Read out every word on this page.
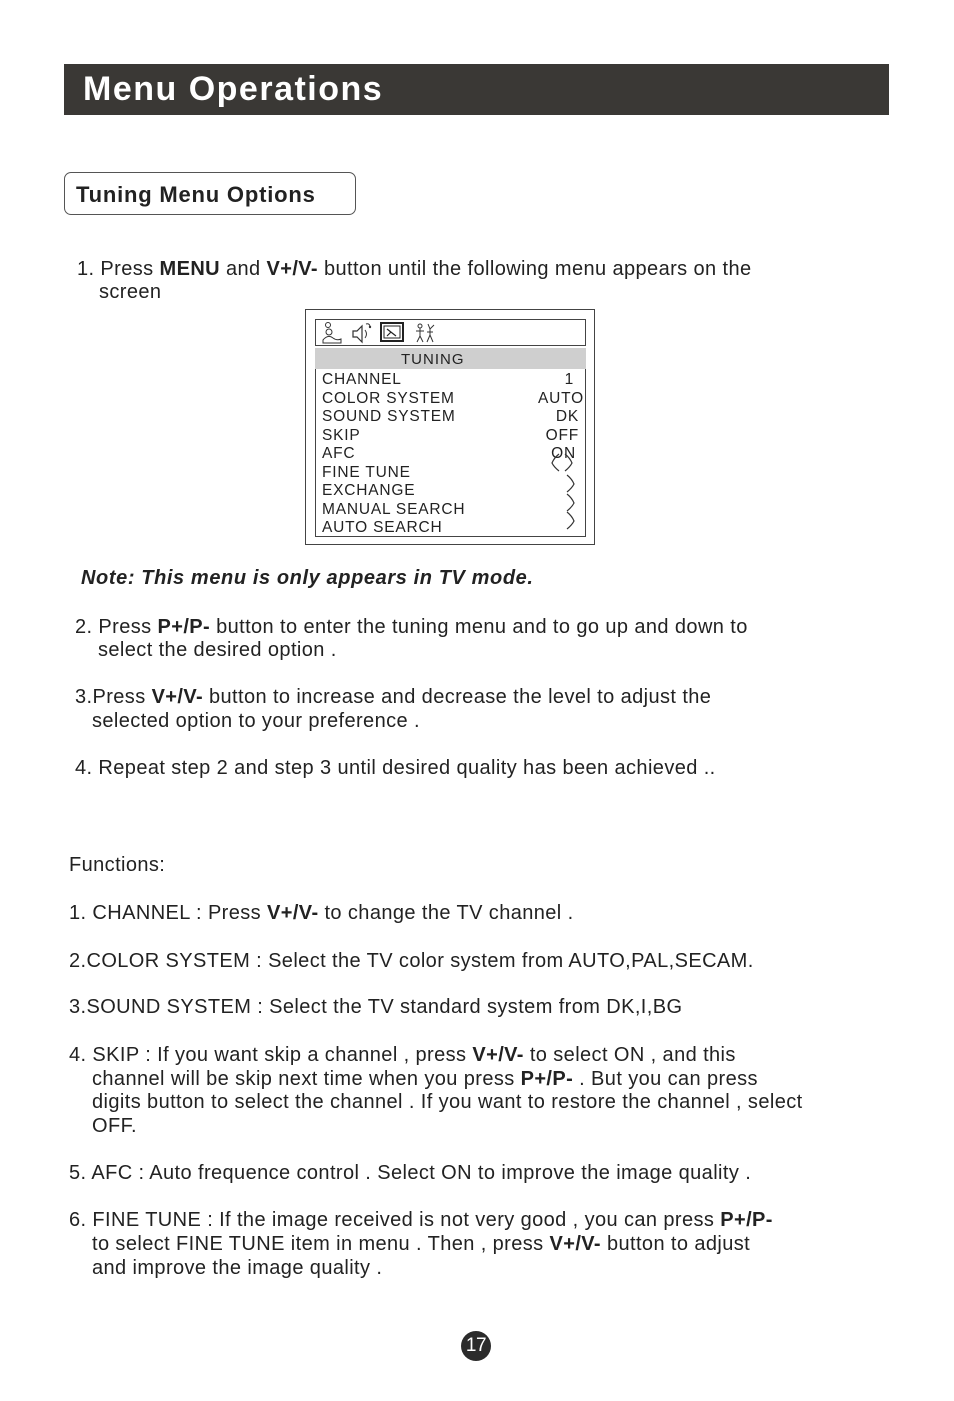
Menu Operations
Tuning Menu Options

1. Press MENU and V+/V- button until the following menu appears on the

screen

TUNING
CHANNEL	1
COLOR SYSTEM	AUTO
SOUND SYSTEM	DK
SKIP	OFF
AFC	ON
FINE TUNE
EXCHANGE
MANUAL SEARCH
AUTO SEARCH
Note: This menu is only appears in TV mode.

2. Press P+/P- button to enter the tuning menu and to go up and down to

select the desired option .

3.Press V+/V- button to increase and decrease the level to adjust the

selected option to your preference .

4. Repeat step 2 and step 3 until desired quality has been achieved ..

Functions:

1. CHANNEL : Press V+/V- to change the TV channel .

2.COLOR SYSTEM : Select the TV color system from AUTO,PAL,SECAM.

3.SOUND SYSTEM : Select the TV standard system from DK,I,BG

4. SKIP : If you want skip a channel , press V+/V- to select ON , and this

channel will be skip next time when you press P+/P- . But you can press

digits button to select the channel . If you want to restore the channel , select

OFF.

5. AFC : Auto frequence control . Select ON to improve the image quality .

6. FINE TUNE : If the image received is not very good , you can press P+/P-

to select FINE TUNE item in menu . Then , press V+/V- button to adjust

and improve the image quality .

17
